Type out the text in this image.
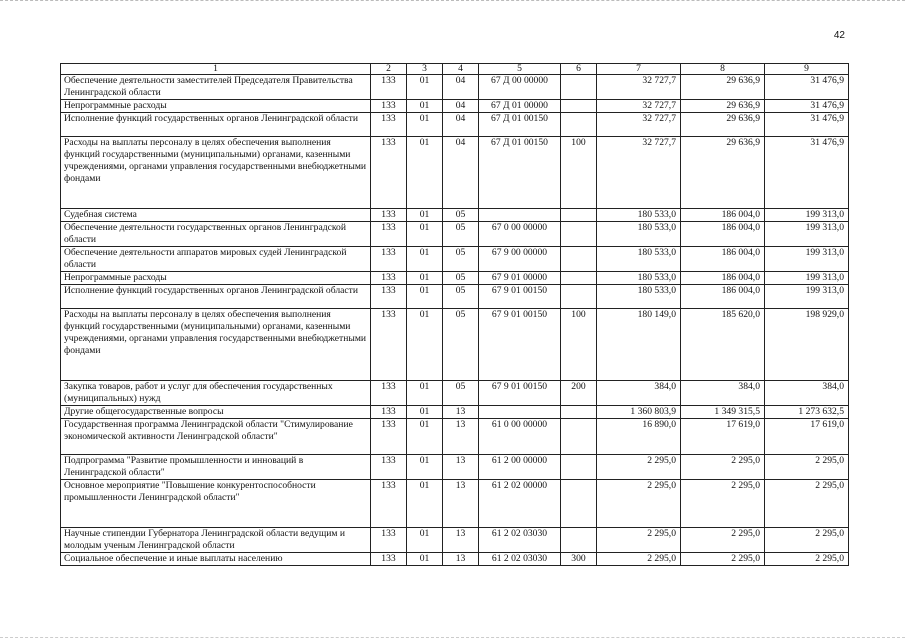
42
1	2	3	4	5	6	7	8	9
Обеспечение деятельности заместителей Председателя Правительства Ленинградской области	133	01	04	67 Д 00 00000		32 727,7	29 636,9	31 476,9
Непрограммные расходы	133	01	04	67 Д 01 00000		32 727,7	29 636,9	31 476,9
Исполнение функций государственных органов Ленинградской области	133	01	04	67 Д 01 00150		32 727,7	29 636,9	31 476,9
Расходы на выплаты персоналу в целях обеспечения выполнения функций государственными (муниципальными) органами, казенными учреждениями, органами управления государственными внебюджетными фондами	133	01	04	67 Д 01 00150	100	32 727,7	29 636,9	31 476,9
Судебная система	133	01	05			180 533,0	186 004,0	199 313,0
Обеспечение деятельности государственных органов Ленинградской области	133	01	05	67 0 00 00000		180 533,0	186 004,0	199 313,0
Обеспечение деятельности аппаратов мировых судей Ленинградской области	133	01	05	67 9 00 00000		180 533,0	186 004,0	199 313,0
Непрограммные расходы	133	01	05	67 9 01 00000		180 533,0	186 004,0	199 313,0
Исполнение функций государственных органов Ленинградской области	133	01	05	67 9 01 00150		180 533,0	186 004,0	199 313,0
Расходы на выплаты персоналу в целях обеспечения выполнения функций государственными (муниципальными) органами, казенными учреждениями, органами управления государственными внебюджетными фондами	133	01	05	67 9 01 00150	100	180 149,0	185 620,0	198 929,0
Закупка товаров, работ и услуг для обеспечения государственных (муниципальных) нужд	133	01	05	67 9 01 00150	200	384,0	384,0	384,0
Другие общегосударственные вопросы	133	01	13			1 360 803,9	1 349 315,5	1 273 632,5
Государственная программа Ленинградской области "Стимулирование экономической активности Ленинградской области"	133	01	13	61 0 00 00000		16 890,0	17 619,0	17 619,0
Подпрограмма "Развитие промышленности и инноваций в Ленинградской области"	133	01	13	61 2 00 00000		2 295,0	2 295,0	2 295,0
Основное мероприятие "Повышение конкурентоспособности промышленности Ленинградской области"	133	01	13	61 2 02 00000		2 295,0	2 295,0	2 295,0
Научные стипендии Губернатора Ленинградской области ведущим и молодым ученым Ленинградской области	133	01	13	61 2 02 03030		2 295,0	2 295,0	2 295,0
Социальное обеспечение и иные выплаты населению	133	01	13	61 2 02 03030	300	2 295,0	2 295,0	2 295,0
